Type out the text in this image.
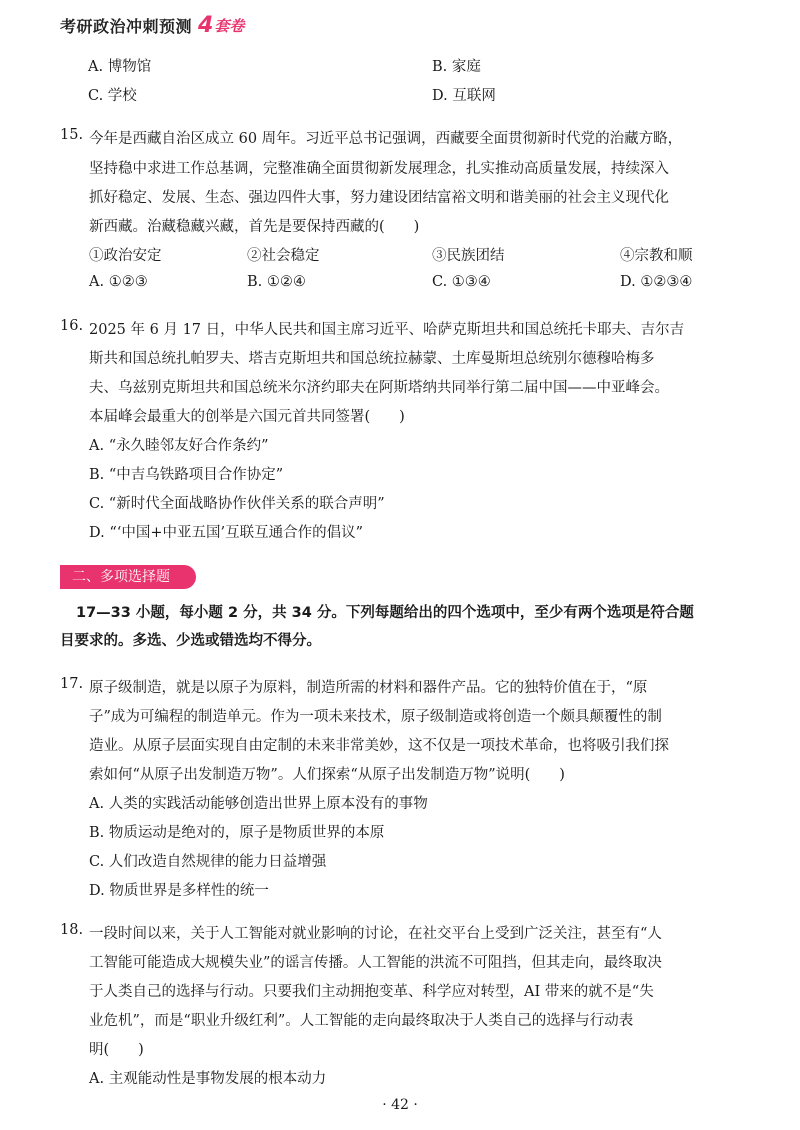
考研政治冲刺预测 4 套卷
A. 博物馆	B. 家庭
C. 学校	D. 互联网
15. 今年是西藏自治区成立 60 周年。习近平总书记强调，西藏要全面贯彻新时代党的治藏方略，
坚持稳中求进工作总基调，完整准确全面贯彻新发展理念，扎实推动高质量发展，持续深入
抓好稳定、发展、生态、强边四件大事，努力建设团结富裕文明和谐美丽的社会主义现代化
新西藏。治藏稳藏兴藏，首先是要保持西藏的(　　)
①政治安定	②社会稳定	③民族团结	④宗教和顺
A. ①②③	B. ①②④	C. ①③④	D. ①②③④
16. 2025 年 6 月 17 日，中华人民共和国主席习近平、哈萨克斯坦共和国总统托卡耶夫、吉尔吉
斯共和国总统扎帕罗夫、塔吉克斯坦共和国总统拉赫蒙、土库曼斯坦总统别尔德穆哈梅多
夫、乌兹别克斯坦共和国总统米尔济约耶夫在阿斯塔纳共同举行第二届中国——中亚峰会。
本届峰会最重大的创举是六国元首共同签署(　　)
A. “永久睦邻友好合作条约”
B. “中吉乌铁路项目合作协定”
C. “新时代全面战略协作伙伴关系的联合声明”
D. “‘中国+中亚五国’互联互通合作的倡议”
二、多项选择题
17—33 小题，每小题 2 分，共 34 分。下列每题给出的四个选项中，至少有两个选项是符合题
目要求的。多选、少选或错选均不得分。
17. 原子级制造，就是以原子为原料，制造所需的材料和器件产品。它的独特价值在于，“原
子”成为可编程的制造单元。作为一项未来技术，原子级制造或将创造一个颇具颠覆性的制
造业。从原子层面实现自由定制的未来非常美妙，这不仅是一项技术革命，也将吸引我们探
索如何“从原子出发制造万物”。人们探索“从原子出发制造万物”说明(　　)
A. 人类的实践活动能够创造出世界上原本没有的事物
B. 物质运动是绝对的，原子是物质世界的本原
C. 人们改造自然规律的能力日益增强
D. 物质世界是多样性的统一
18. 一段时间以来，关于人工智能对就业影响的讨论，在社交平台上受到广泛关注，甚至有“人
工智能可能造成大规模失业”的谣言传播。人工智能的洪流不可阻挡，但其走向，最终取决
于人类自己的选择与行动。只要我们主动拥抱变革、科学应对转型，AI 带来的就不是“失
业危机”，而是“职业升级红利”。人工智能的走向最终取决于人类自己的选择与行动表
明(　　)
A. 主观能动性是事物发展的根本动力
· 42 ·
